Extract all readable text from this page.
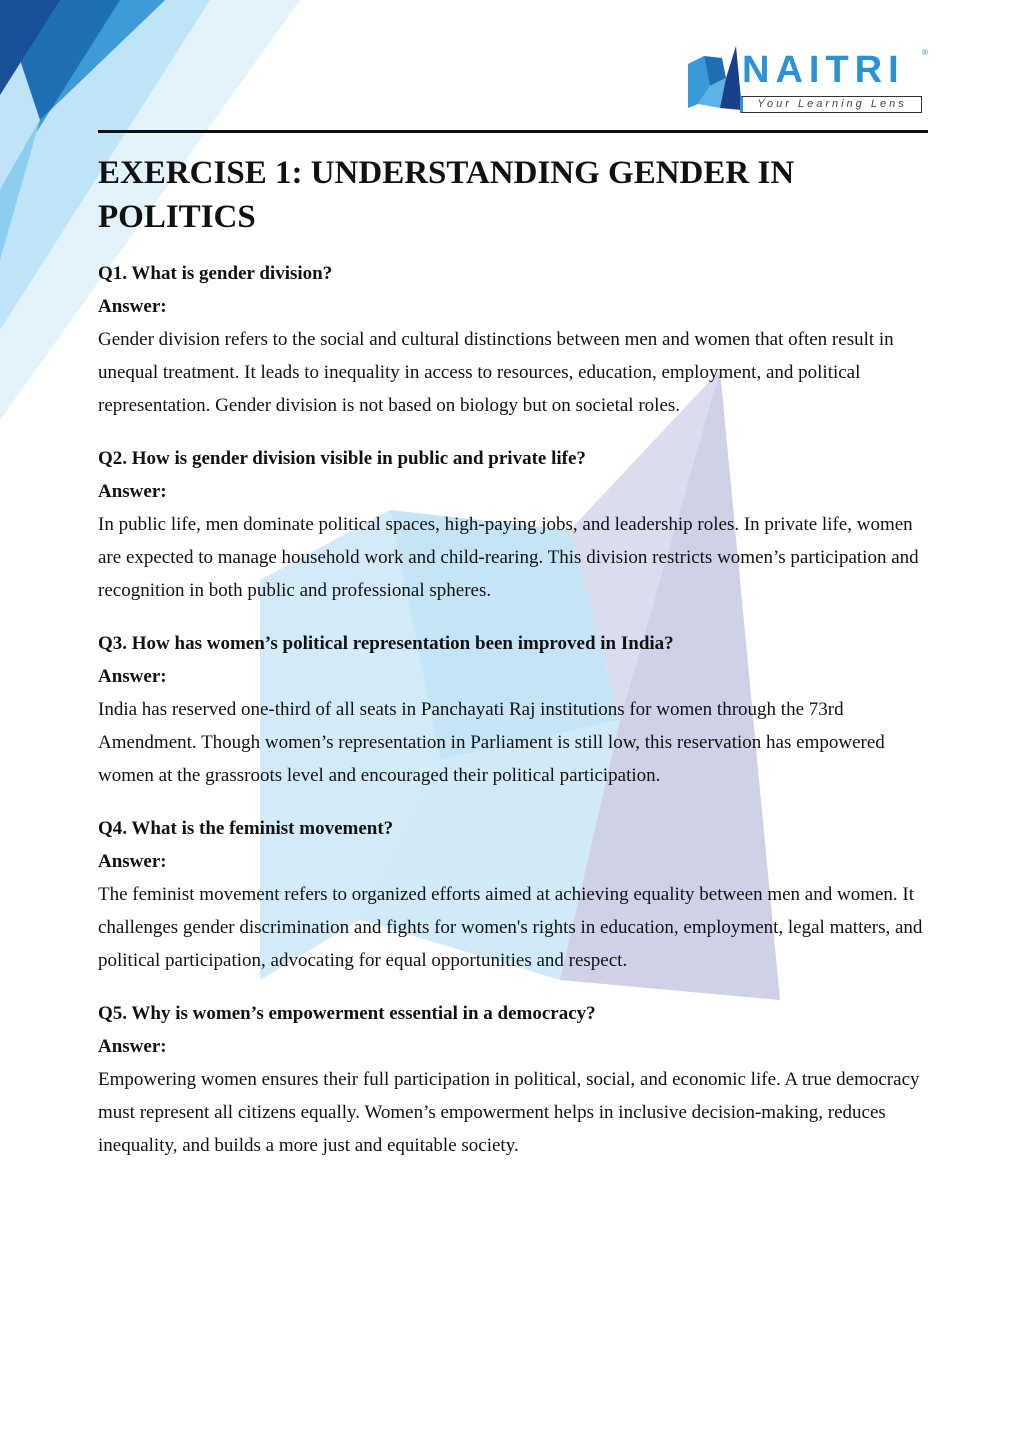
NAITRI ®
Your Learning Lens
EXERCISE 1: UNDERSTANDING GENDER IN POLITICS
Q1. What is gender division?
Answer:

Gender division refers to the social and cultural distinctions between men and women that often result in unequal treatment. It leads to inequality in access to resources, education, employment, and political representation. Gender division is not based on biology but on societal roles.

Q2. How is gender division visible in public and private life?
Answer:

In public life, men dominate political spaces, high-paying jobs, and leadership roles. In private life, women are expected to manage household work and child-rearing. This division restricts women’s participation and recognition in both public and professional spheres.

Q3. How has women’s political representation been improved in India?
Answer:

India has reserved one-third of all seats in Panchayati Raj institutions for women through the 73rd Amendment. Though women’s representation in Parliament is still low, this reservation has empowered women at the grassroots level and encouraged their political participation.

Q4. What is the feminist movement?
Answer:

The feminist movement refers to organized efforts aimed at achieving equality between men and women. It challenges gender discrimination and fights for women's rights in education, employment, legal matters, and political participation, advocating for equal opportunities and respect.

Q5. Why is women’s empowerment essential in a democracy?
Answer:

Empowering women ensures their full participation in political, social, and economic life. A true democracy must represent all citizens equally. Women’s empowerment helps in inclusive decision-making, reduces inequality, and builds a more just and equitable society.
